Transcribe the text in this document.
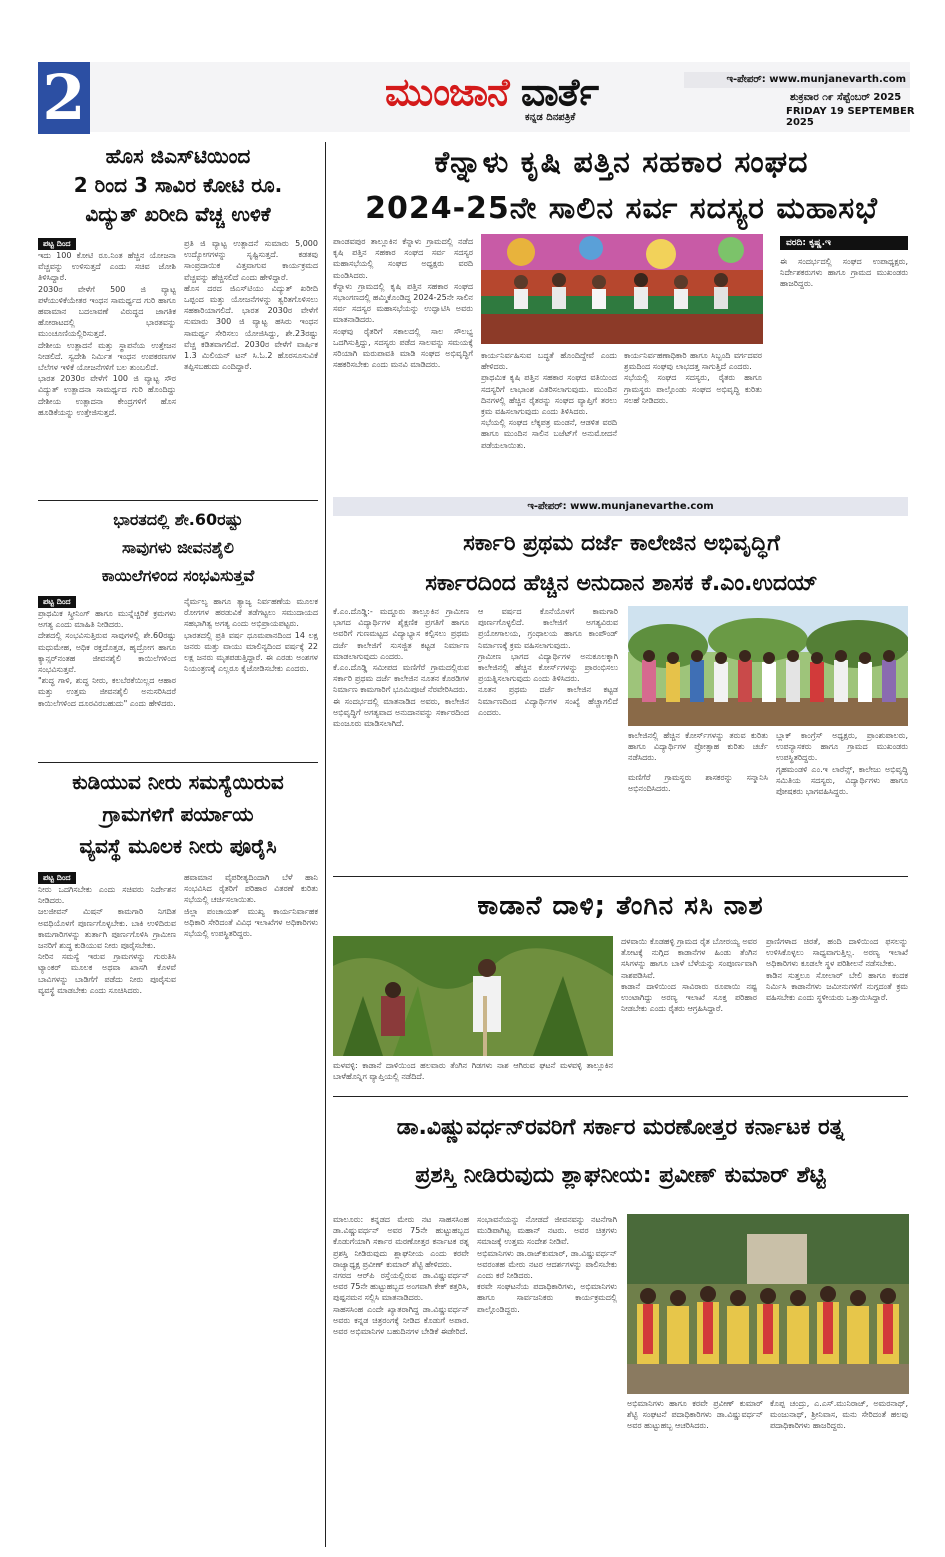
2	ಮುಂಜಾನೆ ವಾರ್ತೆ
ಕನ್ನಡ ದಿನಪತ್ರಿಕೆ
ಇ-ಪೇಪರ್: www.munjanevarth.com
ಶುಕ್ರವಾರ ೧೯ ಸೆಪ್ಟೆಂಬರ್ 2025
FRIDAY 19 SEPTEMBER 2025
ಹೊಸ ಜಿಎಸ್‌ಟಿಯಿಂದ
2 ರಿಂದ 3 ಸಾವಿರ ಕೋಟಿ ರೂ.
ವಿದ್ಯುತ್ ಖರೀದಿ ವೆಚ್ಚ ಉಳಿಕೆ
ಪಟ್ಟ ದಿಂದ

ಇದು 100 ಕೋಟಿ ರೂ.ನಿಂತ ಹೆಚ್ಚಿನ ಯೋಜನಾ ವೆಚ್ಚವನ್ನು ಉಳಿಸುತ್ತದೆ ಎಂದು ಸಚಿವ ಜೋಶಿ ತಿಳಿಸಿದ್ದಾರೆ.

2030ರ ವೇಳೆಗೆ 500 ಜಿ ವ್ಯಾಟ್ಟ ಪಳೆಯುಳಿಕೆಯೇತರ ಇಂಧನ ಸಾಮರ್ಥ್ಯದ ಗುರಿ ಹಾಗೂ ಹವಾಮಾನ ಬದಲಾವಣೆ ವಿರುದ್ಧದ ಜಾಗತಿಕ ಹೋರಾಟದಲ್ಲಿ ಭಾರತವನ್ನು ಮುಂಚೂಣಿಯಲ್ಲಿರಿಸುತ್ತದೆ.

ದೇಶೀಯ ಉತ್ಪಾದನೆ ಮತ್ತು ಸ್ಥಾಪನೆಯ ಉತ್ತೇಜನ ನೀಡಲಿದೆ. ಸ್ವದೇಶಿ ನಿರ್ಮಿತ ಇಂಧನ ಉಪಕರಣಗಳ ಬೆಲೆಗಳ ಇಳಿಕೆ ಯೋಜನೆಗಳಿಗೆ ಬಲ ತುಂಬಲಿದೆ.

ಭಾರತ 2030ರ ವೇಳೆಗೆ 100 ಜಿ ವ್ಯಾಟ್ಟ ಸೌರ ವಿದ್ಯುತ್ ಉತ್ಪಾದನಾ ಸಾಮರ್ಥ್ಯದ ಗುರಿ ಹೊಂದಿದ್ದು ದೇಶೀಯ ಉತ್ಪಾದನಾ ಕೇಂದ್ರಗಳಿಗೆ ಹೊಸ ಹೂಡಿಕೆಯನ್ನು ಉತ್ತೇಜಿಸುತ್ತದೆ.

ಪ್ರತಿ ಜಿ ವ್ಯಾಟ್ಟ ಉತ್ಪಾದನೆ ಸುಮಾರು 5,000 ಉದ್ಯೋಗಗಳನ್ನು ಸೃಷ್ಟಿಸುತ್ತದೆ. ಕಡತವು ಸಾಂಪ್ರದಾಯಿಕ ವಿತ್ತವಾಗುವ ಕಾರ್ಯಕ್ರಮದ ವೆಚ್ಚವನ್ನು ಹೆಚ್ಚಿಸಲಿದೆ ಎಂದು ಹೇಳಿದ್ದಾರೆ.

ಹೊಸ ದರದ ಜಿಎಸ್‌ಟಿಯು ವಿದ್ಯುತ್ ಖರೀದಿ ಒಪ್ಪಂದ ಮತ್ತು ಯೋಜನೆಗಳನ್ನು ತ್ವರಿತಗೊಳಿಸಲು ಸಹಕಾರಿಯಾಗಲಿದೆ. ಭಾರತ 2030ರ ವೇಳೆಗೆ ಸುಮಾರು 300 ಜಿ ವ್ಯಾಟ್ಟ ಹಸಿರು ಇಂಧನ ಸಾಮರ್ಥ್ಯ ಸೇರಿಸಲು ಯೋಜಿಸಿದ್ದು, ಶೇ.23ರಷ್ಟು ವೆಚ್ಚ ಕಡಿತವಾಗಲಿದೆ. 2030ರ ವೇಳೆಗೆ ವಾರ್ಷಿಕ 1.3 ಮಿಲಿಯನ್ ಟನ್ ಸಿ.ಓ.2 ಹೊರಸೂಸುವಿಕೆ ತಪ್ಪಿಸಬಹುದು ಎಂದಿದ್ದಾರೆ.

ಭಾರತದಲ್ಲಿ ಶೇ.60ರಷ್ಟು
ಸಾವುಗಳು ಜೀವನಶೈಲಿ
ಕಾಯಿಲೆಗಳಿಂದ ಸಂಭವಿಸುತ್ತವೆ
ಪಟ್ಟ ದಿಂದ

ಪ್ರಾಥಮಿಕ ಸ್ಕ್ರೀನಿಂಗ್ ಹಾಗೂ ಮುನ್ನೆಚ್ಚರಿಕೆ ಕ್ರಮಗಳು ಅಗತ್ಯ ಎಂದು ಮಾಹಿತಿ ನೀಡಿದರು.

ದೇಶದಲ್ಲಿ ಸಂಭವಿಸುತ್ತಿರುವ ಸಾವುಗಳಲ್ಲಿ ಶೇ.60ರಷ್ಟು ಮಧುಮೇಹ, ಅಧಿಕ ರಕ್ತದೊತ್ತಡ, ಹೃದ್ರೋಗ ಹಾಗೂ ಕ್ಯಾನ್ಸರ್‌ನಂತಹ ಜೀವನಶೈಲಿ ಕಾಯಿಲೆಗಳಿಂದ ಸಂಭವಿಸುತ್ತವೆ.

"ಶುದ್ಧ ಗಾಳಿ, ಶುದ್ಧ ನೀರು, ಕಲಬೆರಕೆಯಿಲ್ಲದ ಆಹಾರ ಮತ್ತು ಉತ್ತಮ ಜೀವನಶೈಲಿ ಅನುಸರಿಸಿದರೆ ಕಾಯಿಲೆಗಳಿಂದ ದೂರವಿರಬಹುದು" ಎಂದು ಹೇಳಿದರು.

ನೈರ್ಮಲ್ಯ ಹಾಗೂ ತ್ಯಾಜ್ಯ ನಿರ್ವಹಣೆಯ ಮೂಲಕ ರೋಗಗಳ ಹರಡುವಿಕೆ ತಡೆಗಟ್ಟಲು ಸಮುದಾಯದ ಸಹಭಾಗಿತ್ವ ಅಗತ್ಯ ಎಂದು ಅಭಿಪ್ರಾಯಪಟ್ಟರು.

ಭಾರತದಲ್ಲಿ ಪ್ರತಿ ವರ್ಷ ಧೂಮಪಾನದಿಂದ 14 ಲಕ್ಷ ಜನರು ಮತ್ತು ವಾಯು ಮಾಲಿನ್ಯದಿಂದ ವರ್ಷಕ್ಕೆ 22 ಲಕ್ಷ ಜನರು ಮೃತಪಡುತ್ತಿದ್ದಾರೆ. ಈ ಎರಡು ಅಂಶಗಳ ನಿಯಂತ್ರಣಕ್ಕೆ ಎಲ್ಲರೂ ಕೈಜೋಡಿಸಬೇಕು ಎಂದರು.

ಕುಡಿಯುವ ನೀರು ಸಮಸ್ಯೆಯಿರುವ
ಗ್ರಾಮಗಳಿಗೆ ಪರ್ಯಾಯ
ವ್ಯವಸ್ಥೆ ಮೂಲಕ ನೀರು ಪೂರೈಸಿ
ಪಟ್ಟ ದಿಂದ

ನೀರು ಒದಗಿಸಬೇಕು ಎಂದು ಸಚಿವರು ನಿರ್ದೇಶನ ನೀಡಿದರು.

ಜಲಜೀವನ್ ಮಿಷನ್ ಕಾಮಗಾರಿ ನಿಗದಿತ ಅವಧಿಯೊಳಗೆ ಪೂರ್ಣಗೊಳ್ಳಬೇಕು. ಬಾಕಿ ಉಳಿದಿರುವ ಕಾಮಗಾರಿಗಳನ್ನು ತುರ್ತಾಗಿ ಪೂರ್ಣಗೊಳಿಸಿ ಗ್ರಾಮೀಣ ಜನರಿಗೆ ಶುದ್ಧ ಕುಡಿಯುವ ನೀರು ಪೂರೈಸಬೇಕು.

ನೀರಿನ ಸಮಸ್ಯೆ ಇರುವ ಗ್ರಾಮಗಳನ್ನು ಗುರುತಿಸಿ ಟ್ಯಾಂಕರ್ ಮೂಲಕ ಅಥವಾ ಖಾಸಗಿ ಕೊಳವೆ ಬಾವಿಗಳನ್ನು ಬಾಡಿಗೆಗೆ ಪಡೆದು ನೀರು ಪೂರೈಸುವ ವ್ಯವಸ್ಥೆ ಮಾಡಬೇಕು ಎಂದು ಸೂಚಿಸಿದರು.

ಹವಾಮಾನ ವೈಪರೀತ್ಯದಿಂದಾಗಿ ಬೆಳೆ ಹಾನಿ ಸಂಭವಿಸಿದ ರೈತರಿಗೆ ಪರಿಹಾರ ವಿತರಣೆ ಕುರಿತು ಸಭೆಯಲ್ಲಿ ಚರ್ಚಿಸಲಾಯಿತು.

ಜಿಲ್ಲಾ ಪಂಚಾಯತ್ ಮುಖ್ಯ ಕಾರ್ಯನಿರ್ವಾಹಕ ಅಧಿಕಾರಿ ಸೇರಿದಂತೆ ವಿವಿಧ ಇಲಾಖೆಗಳ ಅಧಿಕಾರಿಗಳು ಸಭೆಯಲ್ಲಿ ಉಪಸ್ಥಿತರಿದ್ದರು.

ಕೆನ್ನಾಳು ಕೃಷಿ ಪತ್ತಿನ ಸಹಕಾರ ಸಂಘದ
2024-25ನೇ ಸಾಲಿನ ಸರ್ವ ಸದಸ್ಯರ ಮಹಾಸಭೆ

ಪಾಂಡವಪುರ ತಾಲ್ಲೂಕಿನ ಕೆನ್ನಾಳು ಗ್ರಾಮದಲ್ಲಿ ನಡೆದ ಕೃಷಿ ಪತ್ತಿನ ಸಹಕಾರ ಸಂಘದ ಸರ್ವ ಸದಸ್ಯರ ಮಹಾಸಭೆಯಲ್ಲಿ ಸಂಘದ ಅಧ್ಯಕ್ಷರು ವರದಿ ಮಂಡಿಸಿದರು.

ಕೆನ್ನಾಳು ಗ್ರಾಮದಲ್ಲಿ ಕೃಷಿ ಪತ್ತಿನ ಸಹಕಾರ ಸಂಘದ ಸಭಾಂಗಣದಲ್ಲಿ ಹಮ್ಮಿಕೊಂಡಿದ್ದ 2024-25ನೇ ಸಾಲಿನ ಸರ್ವ ಸದಸ್ಯರ ಮಹಾಸಭೆಯನ್ನು ಉದ್ಘಾಟಿಸಿ ಅವರು ಮಾತನಾಡಿದರು.

ಸಂಘವು ರೈತರಿಗೆ ಸಕಾಲದಲ್ಲಿ ಸಾಲ ಸೌಲಭ್ಯ ಒದಗಿಸುತ್ತಿದ್ದು, ಸದಸ್ಯರು ಪಡೆದ ಸಾಲವನ್ನು ಸಮಯಕ್ಕೆ ಸರಿಯಾಗಿ ಮರುಪಾವತಿ ಮಾಡಿ ಸಂಘದ ಅಭಿವೃದ್ಧಿಗೆ ಸಹಕರಿಸಬೇಕು ಎಂದು ಮನವಿ ಮಾಡಿದರು.

ಕಾರ್ಯನಿರ್ವಹಿಸುವ ಬದ್ಧತೆ ಹೊಂದಿದ್ದೇವೆ ಎಂದು ಹೇಳಿದರು.

ಪ್ರಾಥಮಿಕ ಕೃಷಿ ಪತ್ತಿನ ಸಹಕಾರ ಸಂಘದ ವತಿಯಿಂದ ಸದಸ್ಯರಿಗೆ ಲಾಭಾಂಶ ವಿತರಿಸಲಾಗುವುದು. ಮುಂದಿನ ದಿನಗಳಲ್ಲಿ ಹೆಚ್ಚಿನ ರೈತರನ್ನು ಸಂಘದ ವ್ಯಾಪ್ತಿಗೆ ತರಲು ಕ್ರಮ ವಹಿಸಲಾಗುವುದು ಎಂದು ತಿಳಿಸಿದರು.

ಸಭೆಯಲ್ಲಿ ಸಂಘದ ಲೆಕ್ಕಪತ್ರ ಮಂಡನೆ, ಆಡಳಿತ ವರದಿ ಹಾಗೂ ಮುಂದಿನ ಸಾಲಿನ ಬಜೆಟ್‌ಗೆ ಅನುಮೋದನೆ ಪಡೆಯಲಾಯಿತು.

ಕಾರ್ಯನಿರ್ವಹಣಾಧಿಕಾರಿ ಹಾಗೂ ಸಿಬ್ಬಂದಿ ವರ್ಗದವರ ಶ್ರಮದಿಂದ ಸಂಘವು ಲಾಭದತ್ತ ಸಾಗುತ್ತಿದೆ ಎಂದರು.

ಸಭೆಯಲ್ಲಿ ಸಂಘದ ಸದಸ್ಯರು, ರೈತರು ಹಾಗೂ ಗ್ರಾಮಸ್ಥರು ಪಾಲ್ಗೊಂಡು ಸಂಘದ ಅಭಿವೃದ್ಧಿ ಕುರಿತು ಸಲಹೆ ನೀಡಿದರು.

ವರದಿ: ಕೃಷ್ಣ.ಇ

ಈ ಸಂದರ್ಭದಲ್ಲಿ ಸಂಘದ ಉಪಾಧ್ಯಕ್ಷರು, ನಿರ್ದೇಶಕರುಗಳು ಹಾಗೂ ಗ್ರಾಮದ ಮುಖಂಡರು ಹಾಜರಿದ್ದರು.

ಇ-ಪೇಪರ್: www.munjanevarthe.com
ಸರ್ಕಾರಿ ಪ್ರಥಮ ದರ್ಜೆ ಕಾಲೇಜಿನ ಅಭಿವೃದ್ಧಿಗೆ
ಸರ್ಕಾರದಿಂದ ಹೆಚ್ಚಿನ ಅನುದಾನ ಶಾಸಕ ಕೆ.ಎಂ.ಉದಯ್

ಕೆ.ಎಂ.ದೊಡ್ಡಿ:- ಮದ್ದೂರು ತಾಲ್ಲೂಕಿನ ಗ್ರಾಮೀಣ ಭಾಗದ ವಿದ್ಯಾರ್ಥಿಗಳ ಶೈಕ್ಷಣಿಕ ಪ್ರಗತಿಗೆ ಹಾಗೂ ಅವರಿಗೆ ಗುಣಮಟ್ಟದ ವಿದ್ಯಾಭ್ಯಾಸ ಕಲ್ಪಿಸಲು ಪ್ರಥಮ ದರ್ಜೆ ಕಾಲೇಜಿಗೆ ಸುಸಜ್ಜಿತ ಕಟ್ಟಡ ನಿರ್ಮಾಣ ಮಾಡಲಾಗುವುದು ಎಂದರು.

ಕೆ.ಎಂ.ದೊಡ್ಡಿ ಸಮೀಪದ ಮಣಿಗೆರೆ ಗ್ರಾಮದಲ್ಲಿರುವ ಸರ್ಕಾರಿ ಪ್ರಥಮ ದರ್ಜೆ ಕಾಲೇಜಿನ ನೂತನ ಕೊಠಡಿಗಳ ನಿರ್ಮಾಣ ಕಾಮಗಾರಿಗೆ ಭೂಮಿಪೂಜೆ ನೆರವೇರಿಸಿದರು.

ಈ ಸಂದರ್ಭದಲ್ಲಿ ಮಾತನಾಡಿದ ಅವರು, ಕಾಲೇಜಿನ ಅಭಿವೃದ್ಧಿಗೆ ಅಗತ್ಯವಾದ ಅನುದಾನವನ್ನು ಸರ್ಕಾರದಿಂದ ಮಂಜೂರು ಮಾಡಿಸಲಾಗಿದೆ.

ಆ ವರ್ಷದ ಕೊನೆಯೊಳಗೆ ಕಾಮಗಾರಿ ಪೂರ್ಣಗೊಳ್ಳಲಿದೆ. ಕಾಲೇಜಿಗೆ ಅಗತ್ಯವಿರುವ ಪ್ರಯೋಗಾಲಯ, ಗ್ರಂಥಾಲಯ ಹಾಗೂ ಕಾಂಪೌಂಡ್ ನಿರ್ಮಾಣಕ್ಕೆ ಕ್ರಮ ವಹಿಸಲಾಗುವುದು.

ಗ್ರಾಮೀಣ ಭಾಗದ ವಿದ್ಯಾರ್ಥಿಗಳ ಅನುಕೂಲಕ್ಕಾಗಿ ಕಾಲೇಜಿನಲ್ಲಿ ಹೆಚ್ಚಿನ ಕೋರ್ಸ್‌ಗಳನ್ನು ಪ್ರಾರಂಭಿಸಲು ಪ್ರಯತ್ನಿಸಲಾಗುವುದು ಎಂದು ತಿಳಿಸಿದರು.

ನೂತನ ಪ್ರಥಮ ದರ್ಜೆ ಕಾಲೇಜಿನ ಕಟ್ಟಡ ನಿರ್ಮಾಣದಿಂದ ವಿದ್ಯಾರ್ಥಿಗಳ ಸಂಖ್ಯೆ ಹೆಚ್ಚಾಗಲಿದೆ ಎಂದರು.

ಕಾಲೇಜಿನಲ್ಲಿ ಹೆಚ್ಚಿನ ಕೋರ್ಸ್‌ಗಳನ್ನು ತರುವ ಕುರಿತು ಹಾಗೂ ವಿದ್ಯಾರ್ಥಿಗಳ ಪ್ರೋತ್ಸಾಹ ಕುರಿತು ಚರ್ಚೆ ನಡೆಸಿದರು.

ಮಣಿಗೆರೆ ಗ್ರಾಮಸ್ಥರು ಶಾಸಕರನ್ನು ಸನ್ಮಾನಿಸಿ ಅಭಿನಂದಿಸಿದರು.

ಬ್ಲಾಕ್ ಕಾಂಗ್ರೆಸ್ ಅಧ್ಯಕ್ಷರು, ಪ್ರಾಂಶುಪಾಲರು, ಉಪನ್ಯಾಸಕರು ಹಾಗೂ ಗ್ರಾಮದ ಮುಖಂಡರು ಉಪಸ್ಥಿತರಿದ್ದರು.

ಗೃಹಮಂಡಳಿ ಎಂ.ಇ ಲಾರೆನ್ಸ್, ಕಾಲೇಜು ಅಭಿವೃದ್ಧಿ ಸಮಿತಿಯ ಸದಸ್ಯರು, ವಿದ್ಯಾರ್ಥಿಗಳು ಹಾಗೂ ಪೋಷಕರು ಭಾಗವಹಿಸಿದ್ದರು.

ಕಾಡಾನೆ ದಾಳಿ; ತೆಂಗಿನ ಸಸಿ ನಾಶ
ಮಳವಳ್ಳಿ: ಕಾಡಾನೆ ದಾಳಿಯಿಂದ ಹಲವಾರು ತೆಂಗಿನ ಗಿಡಗಳು ನಾಶ ಆಗಿರುವ ಘಟನೆ ಮಳವಳ್ಳಿ ತಾಲ್ಲೂಕಿನ ಬಾಳೆಹೊನ್ನಿಗ ವ್ಯಾಪ್ತಿಯಲ್ಲಿ ನಡೆದಿದೆ.

ದಳವಾಯಿ ಕೊಡಹಳ್ಳಿ ಗ್ರಾಮದ ರೈತ ಬೋರಯ್ಯ ಅವರ ತೋಟಕ್ಕೆ ನುಗ್ಗಿದ ಕಾಡಾನೆಗಳ ಹಿಂಡು ತೆಂಗಿನ ಸಸಿಗಳನ್ನು ಹಾಗೂ ಬಾಳೆ ಬೆಳೆಯನ್ನು ಸಂಪೂರ್ಣವಾಗಿ ನಾಶಪಡಿಸಿವೆ.

ಕಾಡಾನೆ ದಾಳಿಯಿಂದ ಸಾವಿರಾರು ರೂಪಾಯಿ ನಷ್ಟ ಉಂಟಾಗಿದ್ದು ಅರಣ್ಯ ಇಲಾಖೆ ಸೂಕ್ತ ಪರಿಹಾರ ನೀಡಬೇಕು ಎಂದು ರೈತರು ಆಗ್ರಹಿಸಿದ್ದಾರೆ.

ಪ್ರಾಣಿಗಳಾದ ಚಿರತೆ, ಹಂದಿ ದಾಳಿಯಿಂದ ಫಸಲನ್ನು ಉಳಿಸಿಕೊಳ್ಳಲು ಸಾಧ್ಯವಾಗುತ್ತಿಲ್ಲ. ಅರಣ್ಯ ಇಲಾಖೆ ಅಧಿಕಾರಿಗಳು ಕೂಡಲೇ ಸ್ಥಳ ಪರಿಶೀಲನೆ ನಡೆಸಬೇಕು.

ಕಾಡಿನ ಸುತ್ತಲೂ ಸೋಲಾರ್ ಬೇಲಿ ಹಾಗೂ ಕಂದಕ ನಿರ್ಮಿಸಿ ಕಾಡಾನೆಗಳು ಜಮೀನುಗಳಿಗೆ ನುಗ್ಗದಂತೆ ಕ್ರಮ ವಹಿಸಬೇಕು ಎಂದು ಸ್ಥಳೀಯರು ಒತ್ತಾಯಿಸಿದ್ದಾರೆ.

ಡಾ.ವಿಷ್ಣುವರ್ಧನ್‌ರವರಿಗೆ ಸರ್ಕಾರ ಮರಣೋತ್ತರ ಕರ್ನಾಟಕ ರತ್ನ
ಪ್ರಶಸ್ತಿ ನೀಡಿರುವುದು ಶ್ಲಾಘನೀಯ: ಪ್ರವೀಣ್ ಕುಮಾರ್ ಶೆಟ್ಟಿ

ಮಾಲೂರು: ಕನ್ನಡದ ಮೇರು ನಟ ಸಾಹಸಸಿಂಹ ಡಾ.ವಿಷ್ಣುವರ್ಧನ್ ಅವರ 75ನೇ ಹುಟ್ಟುಹಬ್ಬದ ಕೊಡುಗೆಯಾಗಿ ಸರ್ಕಾರ ಮರಣೋತ್ತರ ಕರ್ನಾಟಕ ರತ್ನ ಪ್ರಶಸ್ತಿ ನೀಡಿರುವುದು ಶ್ಲಾಘನೀಯ ಎಂದು ಕರವೇ ರಾಜ್ಯಾಧ್ಯಕ್ಷ ಪ್ರವೀಣ್ ಕುಮಾರ್ ಶೆಟ್ಟಿ ಹೇಳಿದರು.

ನಗರದ ಆರ್‌ಪಿ ರಸ್ತೆಯಲ್ಲಿರುವ ಡಾ.ವಿಷ್ಣುವರ್ಧನ್ ಅವರ 75ನೇ ಹುಟ್ಟುಹಬ್ಬದ ಅಂಗವಾಗಿ ಕೇಕ್ ಕತ್ತರಿಸಿ, ಪುಷ್ಪನಮನ ಸಲ್ಲಿಸಿ ಮಾತನಾಡಿದರು.

ಸಾಹಸಸಿಂಹ ಎಂದೇ ಖ್ಯಾತರಾಗಿದ್ದ ಡಾ.ವಿಷ್ಣುವರ್ಧನ್ ಅವರು ಕನ್ನಡ ಚಿತ್ರರಂಗಕ್ಕೆ ನೀಡಿದ ಕೊಡುಗೆ ಅಪಾರ. ಅವರ ಅಭಿಮಾನಿಗಳ ಬಹುದಿನಗಳ ಬೇಡಿಕೆ ಈಡೇರಿದೆ.

ಸಂಭಾವನೆಯನ್ನು ನೋಡದೆ ಜೀವನವನ್ನು ನಟನೆಗಾಗಿ ಮುಡಿಪಾಗಿಟ್ಟ ಮಹಾನ್ ನಟರು. ಅವರ ಚಿತ್ರಗಳು ಸಮಾಜಕ್ಕೆ ಉತ್ತಮ ಸಂದೇಶ ನೀಡಿವೆ.

ಅಭಿಮಾನಿಗಳು ಡಾ.ರಾಜ್‌ಕುಮಾರ್, ಡಾ.ವಿಷ್ಣುವರ್ಧನ್ ಅವರಂತಹ ಮೇರು ನಟರ ಆದರ್ಶಗಳನ್ನು ಪಾಲಿಸಬೇಕು ಎಂದು ಕರೆ ನೀಡಿದರು.

ಕರವೇ ಸಂಘಟನೆಯ ಪದಾಧಿಕಾರಿಗಳು, ಅಭಿಮಾನಿಗಳು ಹಾಗೂ ಸಾರ್ವಜನಿಕರು ಕಾರ್ಯಕ್ರಮದಲ್ಲಿ ಪಾಲ್ಗೊಂಡಿದ್ದರು.

ಅಭಿಮಾನಿಗಳು ಹಾಗೂ ಕರವೇ ಪ್ರವೀಣ್ ಕುಮಾರ್ ಶೆಟ್ಟಿ ಸಂಘಟನೆ ಪದಾಧಿಕಾರಿಗಳು ಡಾ.ವಿಷ್ಣುವರ್ಧನ್ ಅವರ ಹುಟ್ಟುಹಬ್ಬ ಆಚರಿಸಿದರು.
ಕೊಪ್ಪ ಚಂದ್ರು, ಎ.ಎಸ್.ಮುನಿರಾಜ್, ಅಮರನಾಥ್, ಮಂಜುನಾಥ್, ಶ್ರೀನಿವಾಸ, ಮನು ಸೇರಿದಂತೆ ಹಲವು ಪದಾಧಿಕಾರಿಗಳು ಹಾಜರಿದ್ದರು.
